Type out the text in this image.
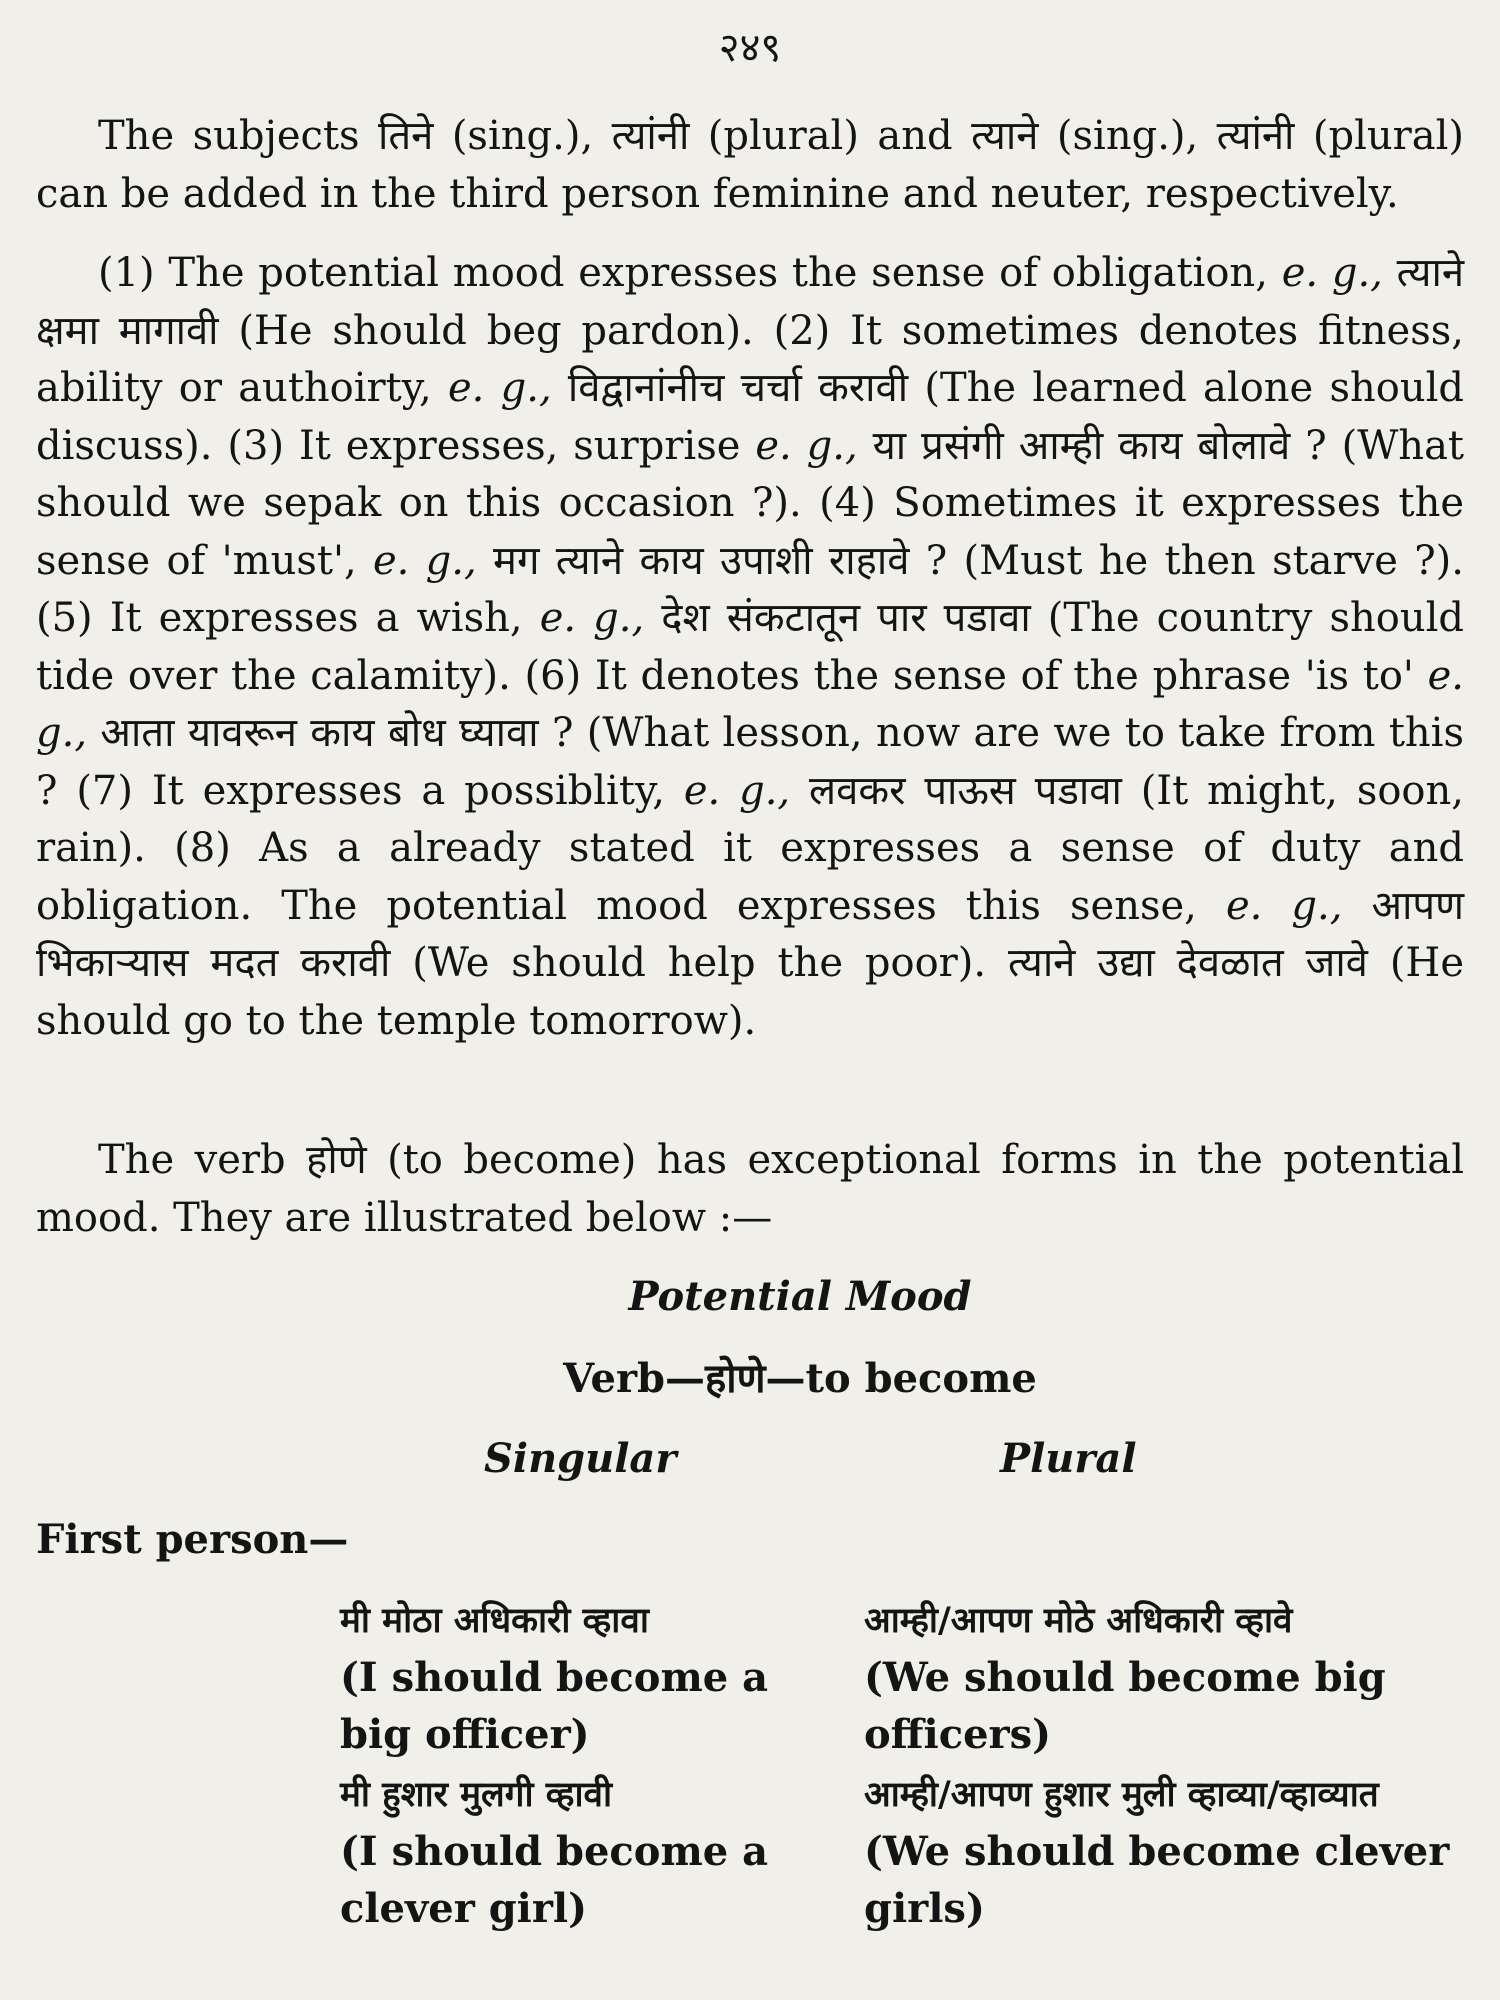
२४९

The subjects तिने (sing.), त्यांनी (plural) and त्याने (sing.), त्यांनी (plural) can be added in the third person feminine and neuter, respectively.

(1) The potential mood expresses the sense of obligation, e. g., त्याने क्षमा मागावी (He should beg pardon). (2) It sometimes denotes fitness, ability or authoirty, e. g., विद्वानांनीच चर्चा करावी (The learned alone should discuss). (3) It expresses, surprise e. g., या प्रसंगी आम्ही काय बोलावे ? (What should we sepak on this occasion ?). (4) Sometimes it expresses the sense of 'must', e. g., मग त्याने काय उपाशी राहावे ? (Must he then starve ?). (5) It expresses a wish, e. g., देश संकटातून पार पडावा (The country should tide over the calamity). (6) It denotes the sense of the phrase 'is to' e. g., आता यावरून काय बोध घ्यावा ? (What lesson, now are we to take from this ? (7) It expresses a possiblity, e. g., लवकर पाऊस पडावा (It might, soon, rain). (8) As a already stated it expresses a sense of duty and obligation. The potential mood expresses this sense, e. g., आपण भिकाऱ्यास मदत करावी (We should help the poor). त्याने उद्या देवळात जावे (He should go to the temple tomorrow).

The verb होणे (to become) has exceptional forms in the potential mood. They are illustrated below :—

Potential Mood

Verb—होणे—to become

Singular	Plural

First person—

मी मोठा अधिकारी व्हावा
(I should become a big officer)
आम्ही/आपण मोठे अधिकारी व्हावे
(We should become big officers)
मी हुशार मुलगी व्हावी
(I should become a clever girl)
आम्ही/आपण हुशार मुली व्हाव्या/व्हाव्यात
(We should become clever girls)
